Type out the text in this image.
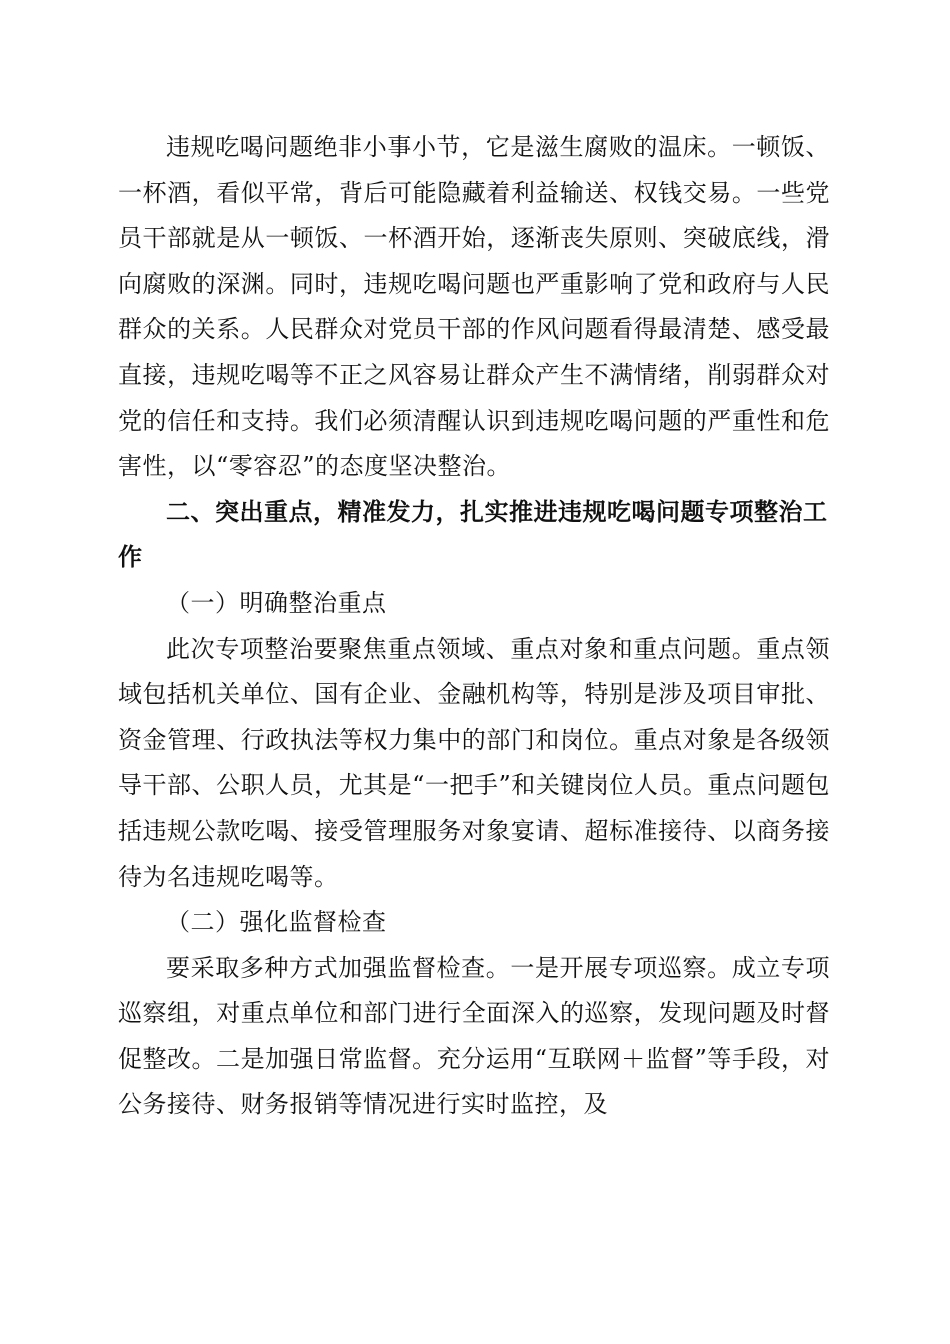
违规吃喝问题绝非小事小节，它是滋生腐败的温床。一顿饭、一杯酒，看似平常，背后可能隐藏着利益输送、权钱交易。一些党员干部就是从一顿饭、一杯酒开始，逐渐丧失原则、突破底线，滑向腐败的深渊。同时，违规吃喝问题也严重影响了党和政府与人民群众的关系。人民群众对党员干部的作风问题看得最清楚、感受最直接，违规吃喝等不正之风容易让群众产生不满情绪，削弱群众对党的信任和支持。我们必须清醒认识到违规吃喝问题的严重性和危害性，以“零容忍”的态度坚决整治。

二、突出重点，精准发力，扎实推进违规吃喝问题专项整治工作

（一）明确整治重点

此次专项整治要聚焦重点领域、重点对象和重点问题。重点领域包括机关单位、国有企业、金融机构等，特别是涉及项目审批、资金管理、行政执法等权力集中的部门和岗位。重点对象是各级领导干部、公职人员，尤其是“一把手”和关键岗位人员。重点问题包括违规公款吃喝、接受管理服务对象宴请、超标准接待、以商务接待为名违规吃喝等。

（二）强化监督检查

要采取多种方式加强监督检查。一是开展专项巡察。成立专项巡察组，对重点单位和部门进行全面深入的巡察，发现问题及时督促整改。二是加强日常监督。充分运用“互联网＋监督”等手段，对公务接待、财务报销等情况进行实时监控，及
